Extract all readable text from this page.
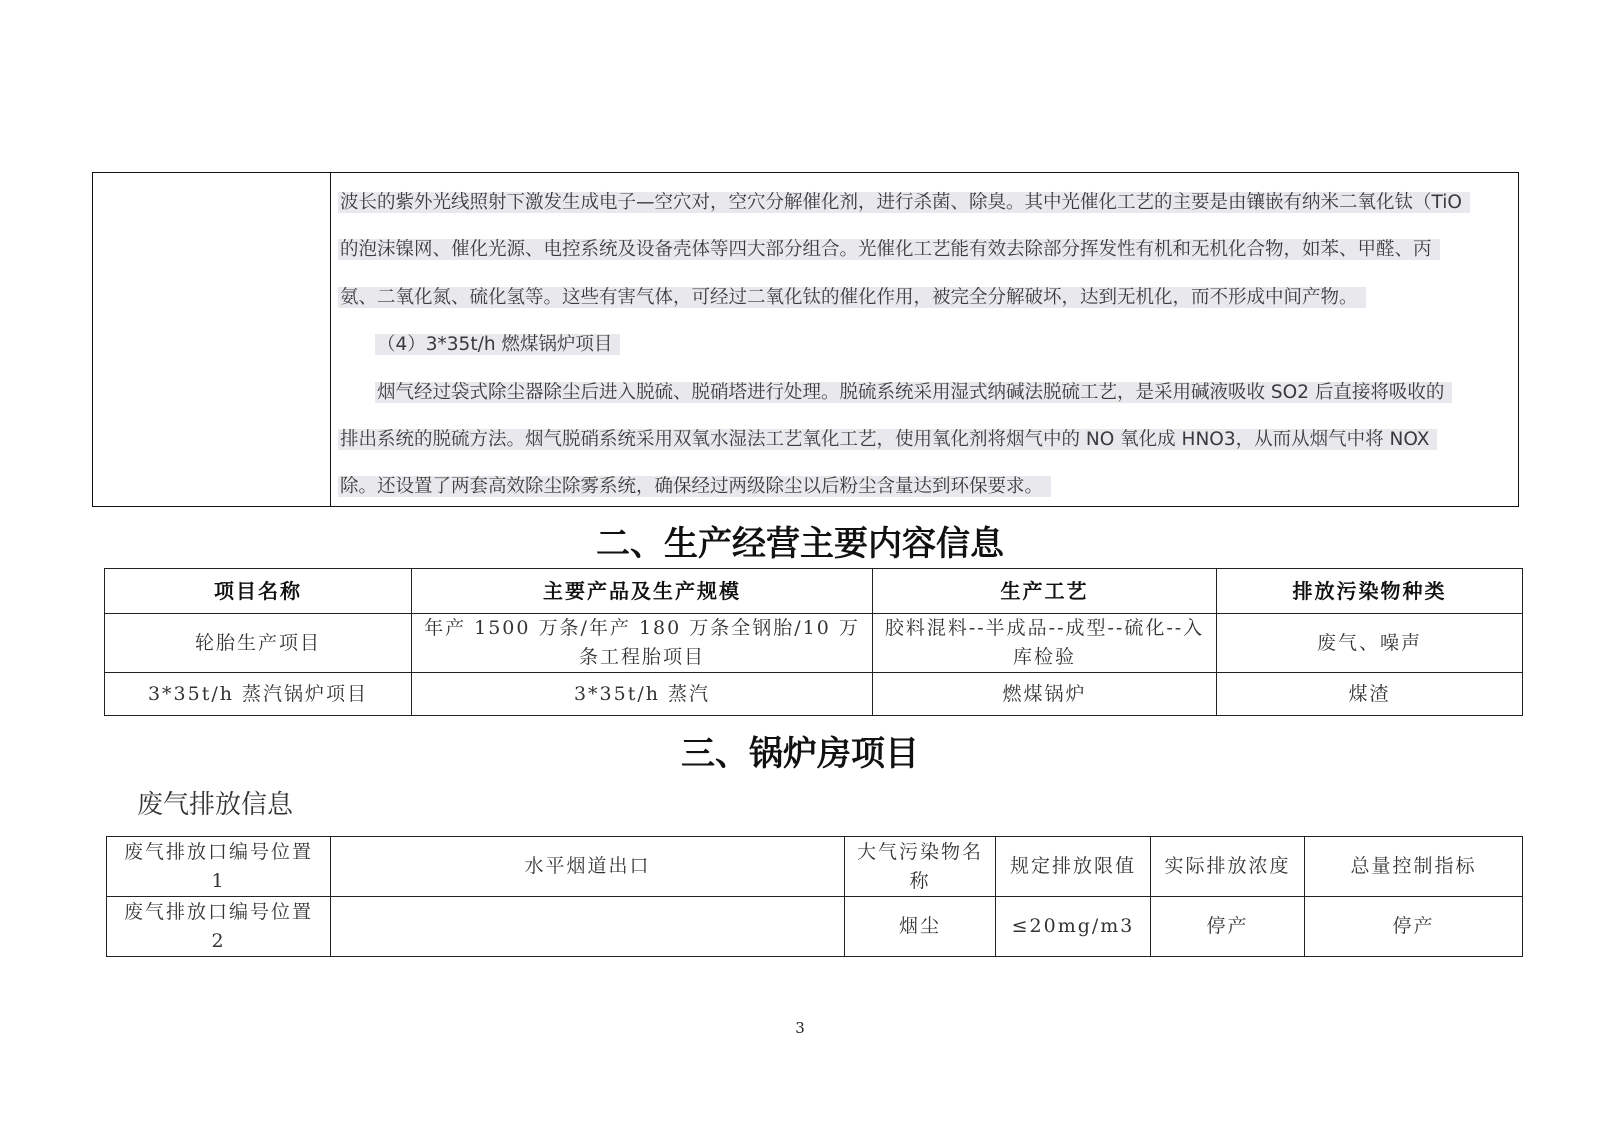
波长的紫外光线照射下激发生成电子—空穴对，空穴分解催化剂，进行杀菌、除臭。其中光催化工艺的主要是由镶嵌有纳米二氧化钛（TiO
的泡沫镍网、催化光源、电控系统及设备壳体等四大部分组合。光催化工艺能有效去除部分挥发性有机和无机化合物，如苯、甲醛、丙
氨、二氧化氮、硫化氢等。这些有害气体，可经过二氧化钛的催化作用，被完全分解破坏，达到无机化，而不形成中间产物。
（4）3*35t/h 燃煤锅炉项目
烟气经过袋式除尘器除尘后进入脱硫、脱硝塔进行处理。脱硫系统采用湿式纳碱法脱硫工艺，是采用碱液吸收 SO2 后直接将吸收的
排出系统的脱硫方法。烟气脱硝系统采用双氧水湿法工艺氧化工艺，使用氧化剂将烟气中的 NO 氧化成 HNO3，从而从烟气中将 NOX
除。还设置了两套高效除尘除雾系统，确保经过两级除尘以后粉尘含量达到环保要求。
二、生产经营主要内容信息
项目名称	主要产品及生产规模	生产工艺	排放污染物种类
轮胎生产项目	年产 1500 万条/年产 180 万条全钢胎/10 万条工程胎项目	胶料混料--半成品--成型--硫化--入库检验	废气、噪声
3*35t/h 蒸汽锅炉项目	3*35t/h 蒸汽	燃煤锅炉	煤渣
三、锅炉房项目
废气排放信息
废气排放口编号位置 1	水平烟道出口	大气污染物名　　称	规定排放限值	实际排放浓度	总量控制指标
废气排放口编号位置 2		烟尘	≤20mg/m3	停产	停产
3
